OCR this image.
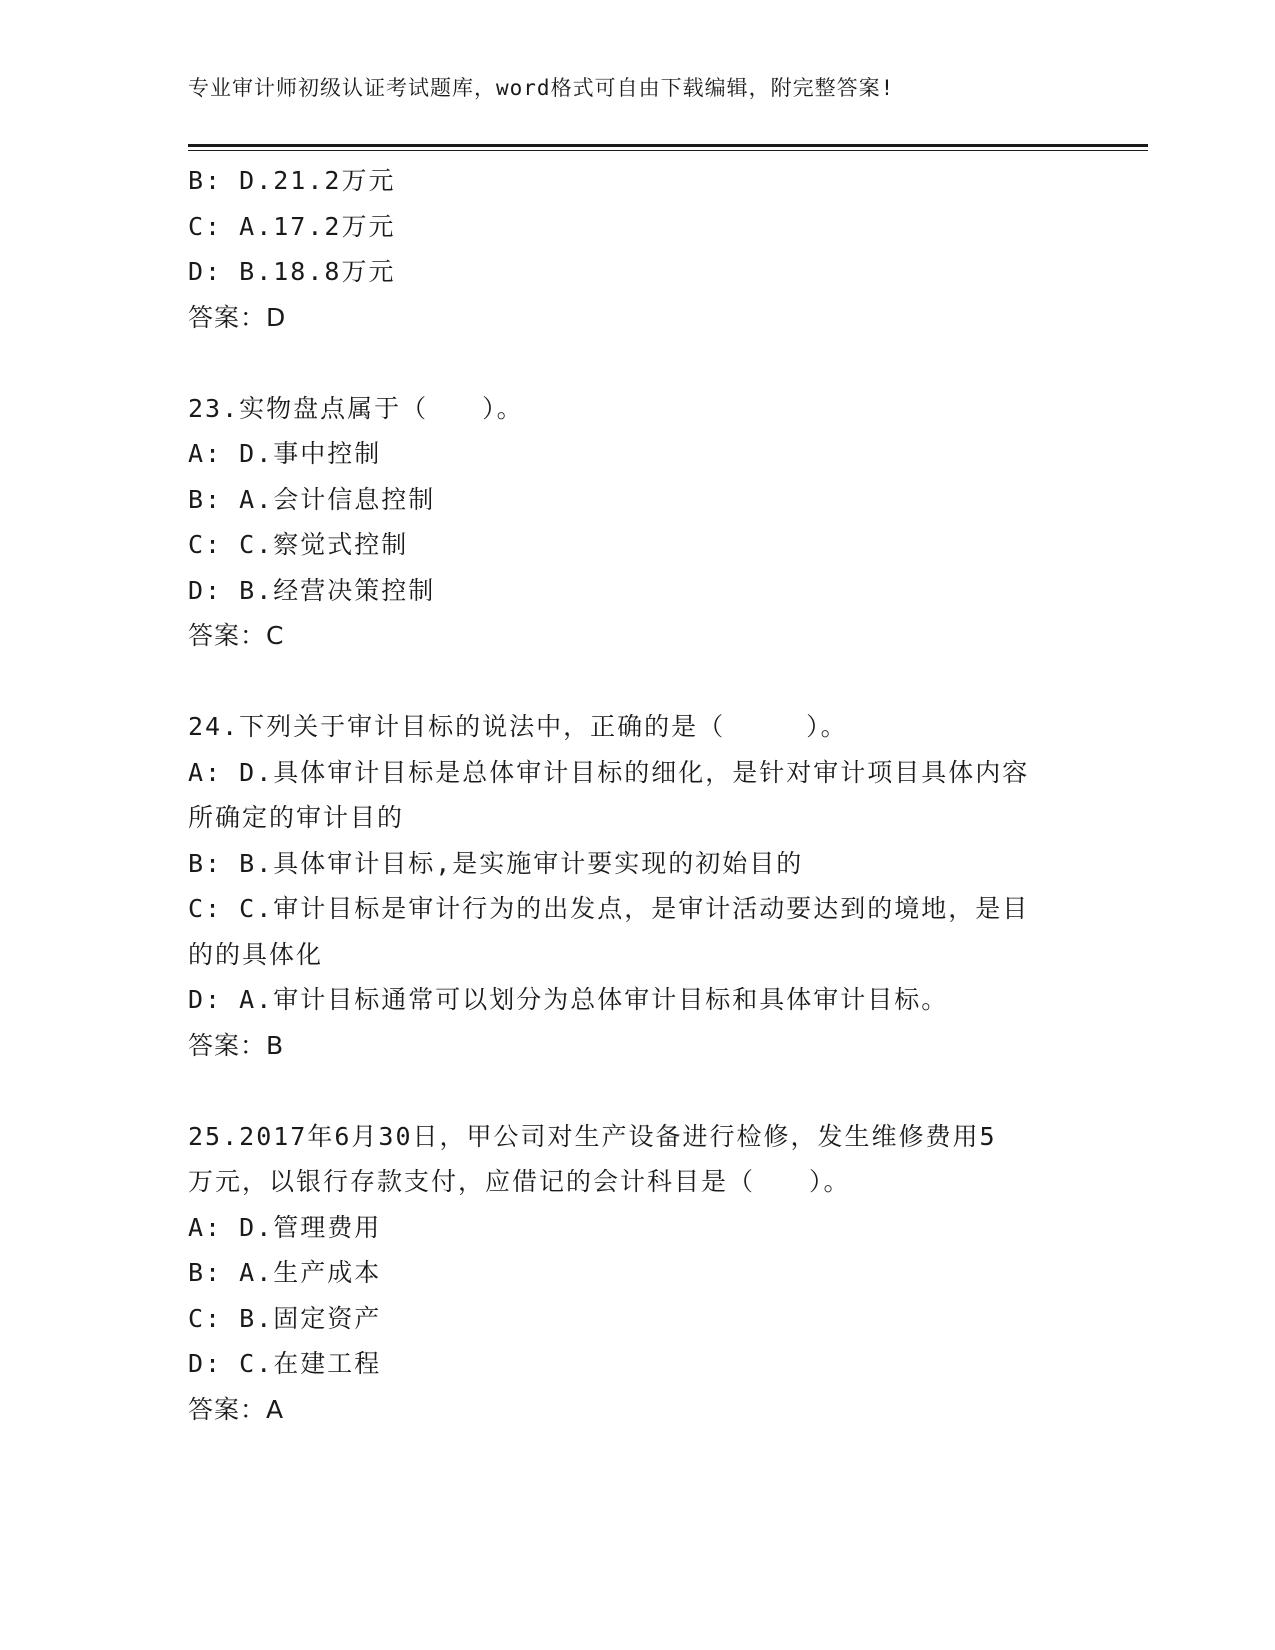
专业审计师初级认证考试题库，word格式可自由下载编辑，附完整答案!
B: D.21.2万元
C: A.17.2万元
D: B.18.8万元
答案：D
23.实物盘点属于（　　）。
A: D.事中控制
B: A.会计信息控制
C: C.察觉式控制
D: B.经营决策控制
答案：C
24.下列关于审计目标的说法中，正确的是（　　　）。
A: D.具体审计目标是总体审计目标的细化，是针对审计项目具体内容
所确定的审计目的
B: B.具体审计目标,是实施审计要实现的初始目的
C: C.审计目标是审计行为的出发点，是审计活动要达到的境地，是目
的的具体化
D: A.审计目标通常可以划分为总体审计目标和具体审计目标。
答案：B
25.2017年6月30日，甲公司对生产设备进行检修，发生维修费用5
万元，以银行存款支付，应借记的会计科目是（　　）。
A: D.管理费用
B: A.生产成本
C: B.固定资产
D: C.在建工程
答案：A
